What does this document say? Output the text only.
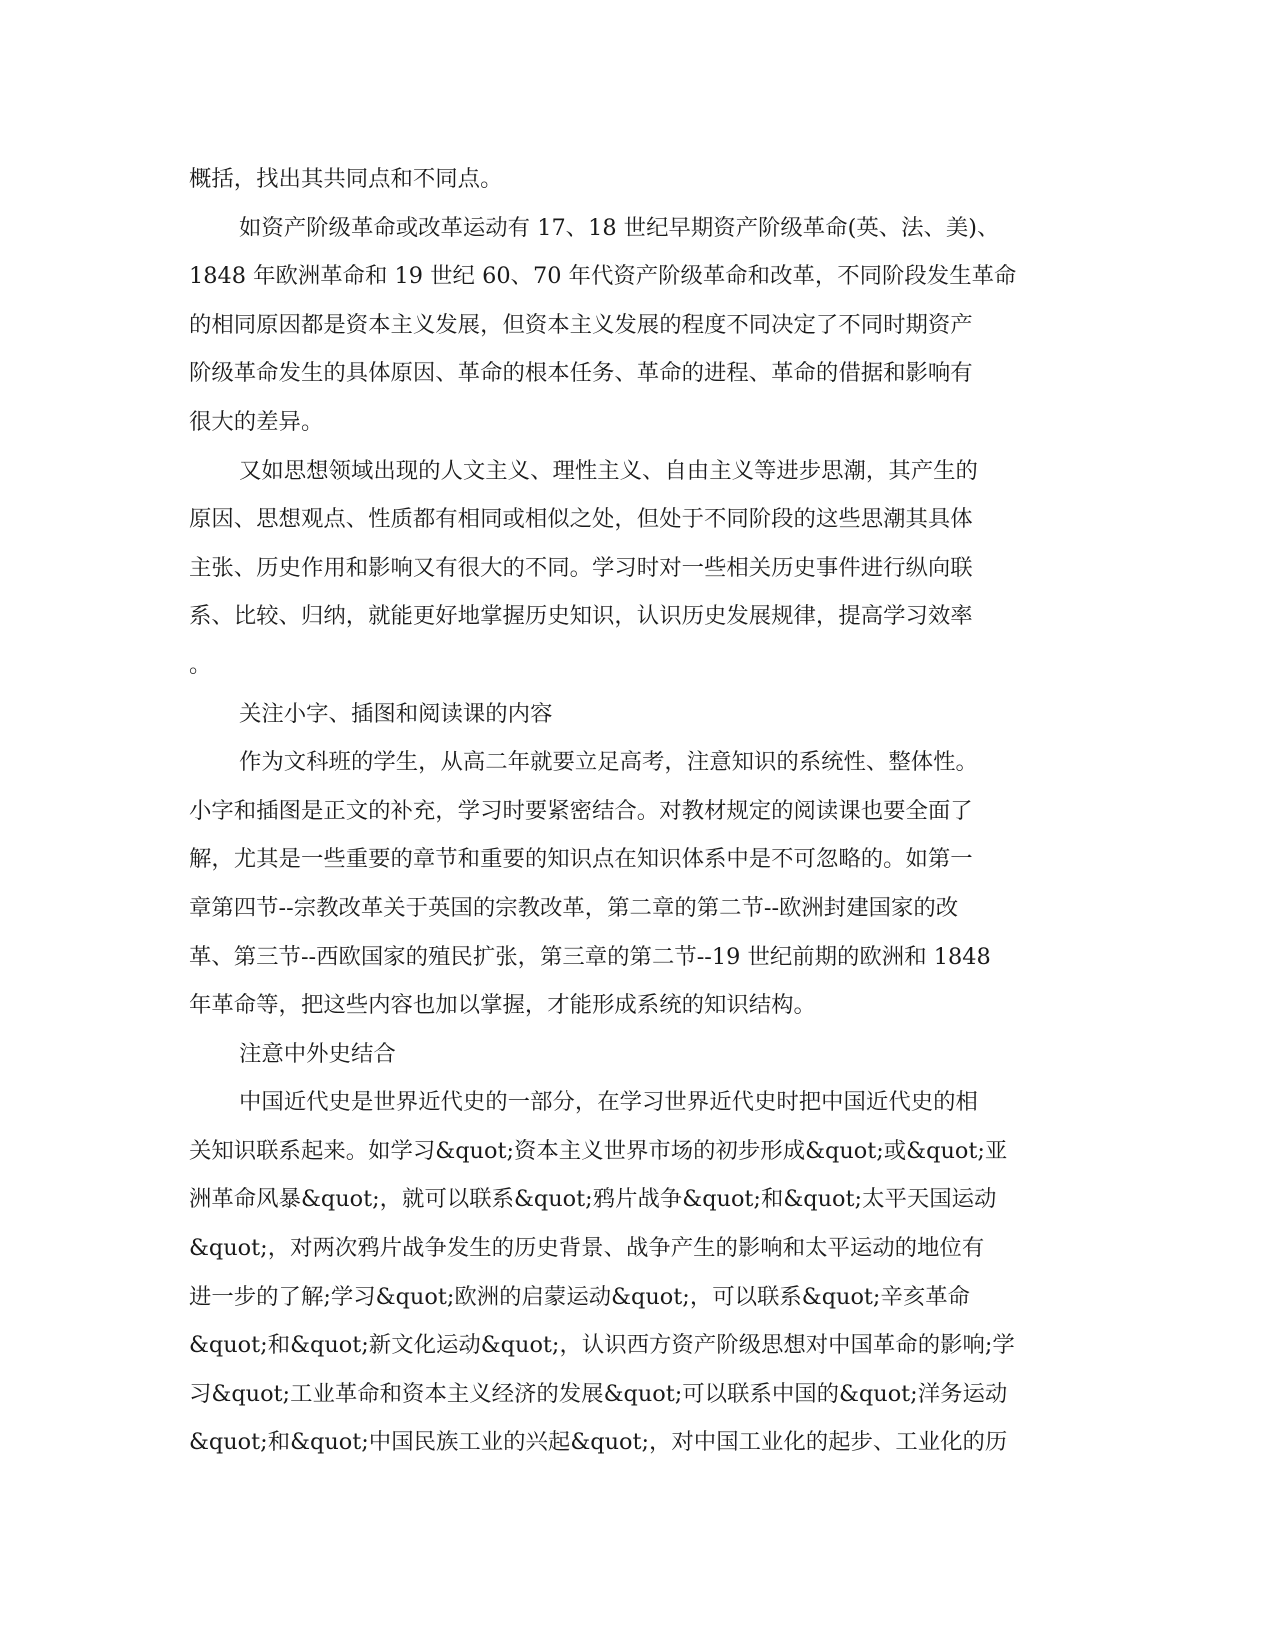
概括，找出其共同点和不同点。
如资产阶级革命或改革运动有 17、18 世纪早期资产阶级革命(英、法、美)、
1848 年欧洲革命和 19 世纪 60、70 年代资产阶级革命和改革，不同阶段发生革命
的相同原因都是资本主义发展，但资本主义发展的程度不同决定了不同时期资产
阶级革命发生的具体原因、革命的根本任务、革命的进程、革命的借据和影响有
很大的差异。
又如思想领域出现的人文主义、理性主义、自由主义等进步思潮，其产生的
原因、思想观点、性质都有相同或相似之处，但处于不同阶段的这些思潮其具体
主张、历史作用和影响又有很大的不同。学习时对一些相关历史事件进行纵向联
系、比较、归纳，就能更好地掌握历史知识，认识历史发展规律，提高学习效率
。
关注小字、插图和阅读课的内容
作为文科班的学生，从高二年就要立足高考，注意知识的系统性、整体性。
小字和插图是正文的补充，学习时要紧密结合。对教材规定的阅读课也要全面了
解，尤其是一些重要的章节和重要的知识点在知识体系中是不可忽略的。如第一
章第四节--宗教改革关于英国的宗教改革，第二章的第二节--欧洲封建国家的改
革、第三节--西欧国家的殖民扩张，第三章的第二节--19 世纪前期的欧洲和 1848
年革命等，把这些内容也加以掌握，才能形成系统的知识结构。
注意中外史结合
中国近代史是世界近代史的一部分，在学习世界近代史时把中国近代史的相
关知识联系起来。如学习&quot;资本主义世界市场的初步形成&quot;或&quot;亚
洲革命风暴&quot;，就可以联系&quot;鸦片战争&quot;和&quot;太平天国运动
&quot;，对两次鸦片战争发生的历史背景、战争产生的影响和太平运动的地位有
进一步的了解;学习&quot;欧洲的启蒙运动&quot;，可以联系&quot;辛亥革命
&quot;和&quot;新文化运动&quot;，认识西方资产阶级思想对中国革命的影响;学
习&quot;工业革命和资本主义经济的发展&quot;可以联系中国的&quot;洋务运动
&quot;和&quot;中国民族工业的兴起&quot;，对中国工业化的起步、工业化的历
